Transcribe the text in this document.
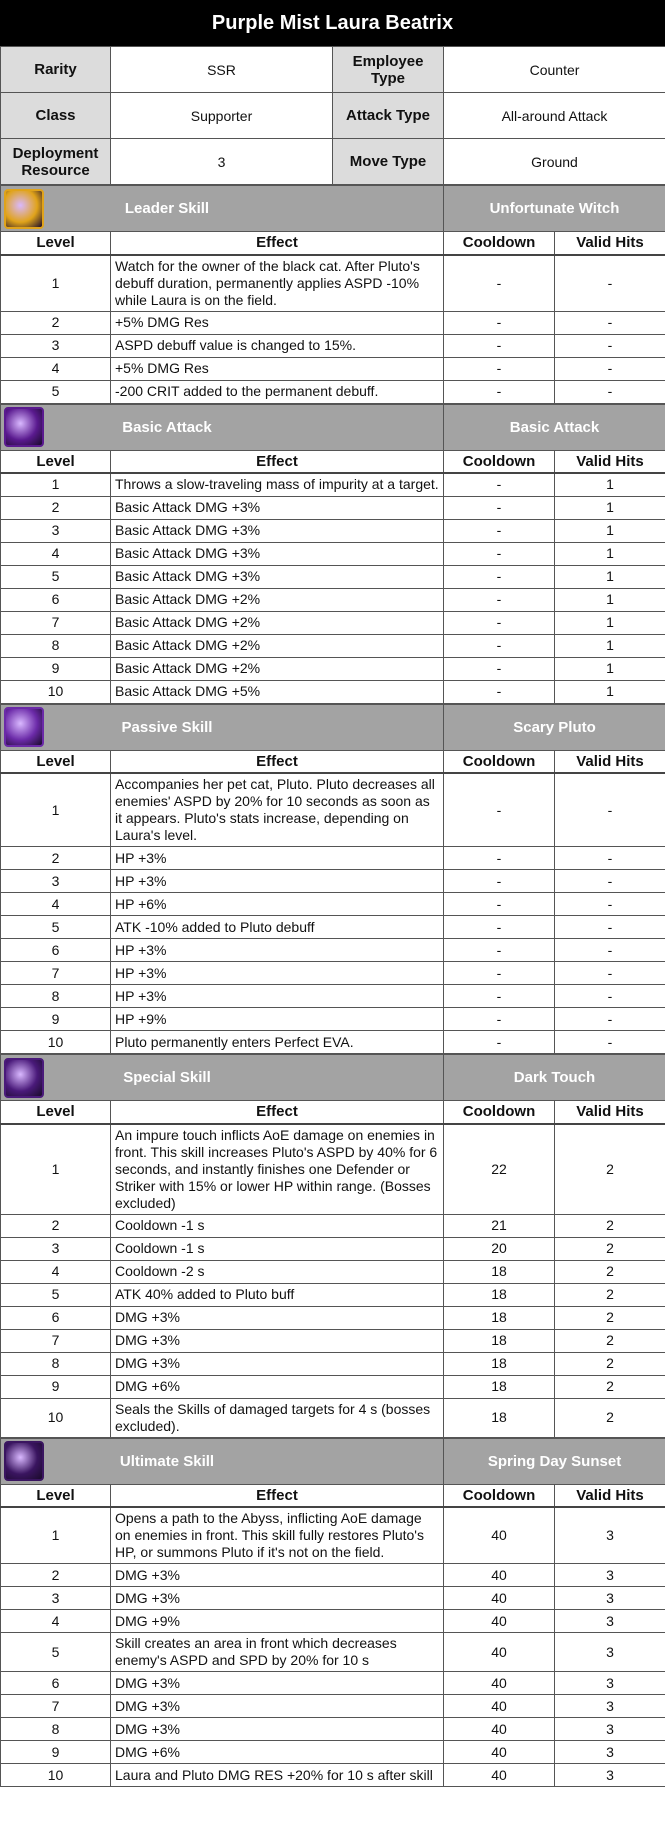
Purple Mist Laura Beatrix
Rarity	SSR	Employee Type	Counter
Class	Supporter	Attack Type	All-around Attack
Deployment Resource	3	Move Type	Ground
Leader Skill		Unfortunate Witch	
Level	Effect	Cooldown	Valid Hits
1	Watch for the owner of the black cat. After Pluto's debuff duration, permanently applies ASPD -10% while Laura is on the field.	-	-
2	+5% DMG Res	-	-
3	ASPD debuff value is changed to 15%.	-	-
4	+5% DMG Res	-	-
5	-200 CRIT added to the permanent debuff.	-	-
Basic Attack		Basic Attack	
Level	Effect	Cooldown	Valid Hits
1	Throws a slow-traveling mass of impurity at a target.	-	1
2	Basic Attack DMG +3%	-	1
3	Basic Attack DMG +3%	-	1
4	Basic Attack DMG +3%	-	1
5	Basic Attack DMG +3%	-	1
6	Basic Attack DMG +2%	-	1
7	Basic Attack DMG +2%	-	1
8	Basic Attack DMG +2%	-	1
9	Basic Attack DMG +2%	-	1
10	Basic Attack DMG +5%	-	1
Passive Skill		Scary Pluto	
Level	Effect	Cooldown	Valid Hits
1	Accompanies her pet cat, Pluto. Pluto decreases all enemies' ASPD by 20% for 10 seconds as soon as it appears. Pluto's stats increase, depending on Laura's level.	-	-
2	HP +3%	-	-
3	HP +3%	-	-
4	HP +6%	-	-
5	ATK -10% added to Pluto debuff	-	-
6	HP +3%	-	-
7	HP +3%	-	-
8	HP +3%	-	-
9	HP +9%	-	-
10	Pluto permanently enters Perfect EVA.	-	-
Special Skill		Dark Touch	
Level	Effect	Cooldown	Valid Hits
1	An impure touch inflicts AoE damage on enemies in front. This skill increases Pluto's ASPD by 40% for 6 seconds, and instantly finishes one Defender or Striker with 15% or lower HP within range. (Bosses excluded)	22	2
2	Cooldown -1 s	21	2
3	Cooldown -1 s	20	2
4	Cooldown -2 s	18	2
5	ATK 40% added to Pluto buff	18	2
6	DMG +3%	18	2
7	DMG +3%	18	2
8	DMG +3%	18	2
9	DMG +6%	18	2
10	Seals the Skills of damaged targets for 4 s (bosses excluded).	18	2
Ultimate Skill		Spring Day Sunset	
Level	Effect	Cooldown	Valid Hits
1	Opens a path to the Abyss, inflicting AoE damage on enemies in front. This skill fully restores Pluto's HP, or summons Pluto if it's not on the field.	40	3
2	DMG +3%	40	3
3	DMG +3%	40	3
4	DMG +9%	40	3
5	Skill creates an area in front which decreases enemy's ASPD and SPD by 20% for 10 s	40	3
6	DMG +3%	40	3
7	DMG +3%	40	3
8	DMG +3%	40	3
9	DMG +6%	40	3
10	Laura and Pluto DMG RES +20% for 10 s after skill	40	3
